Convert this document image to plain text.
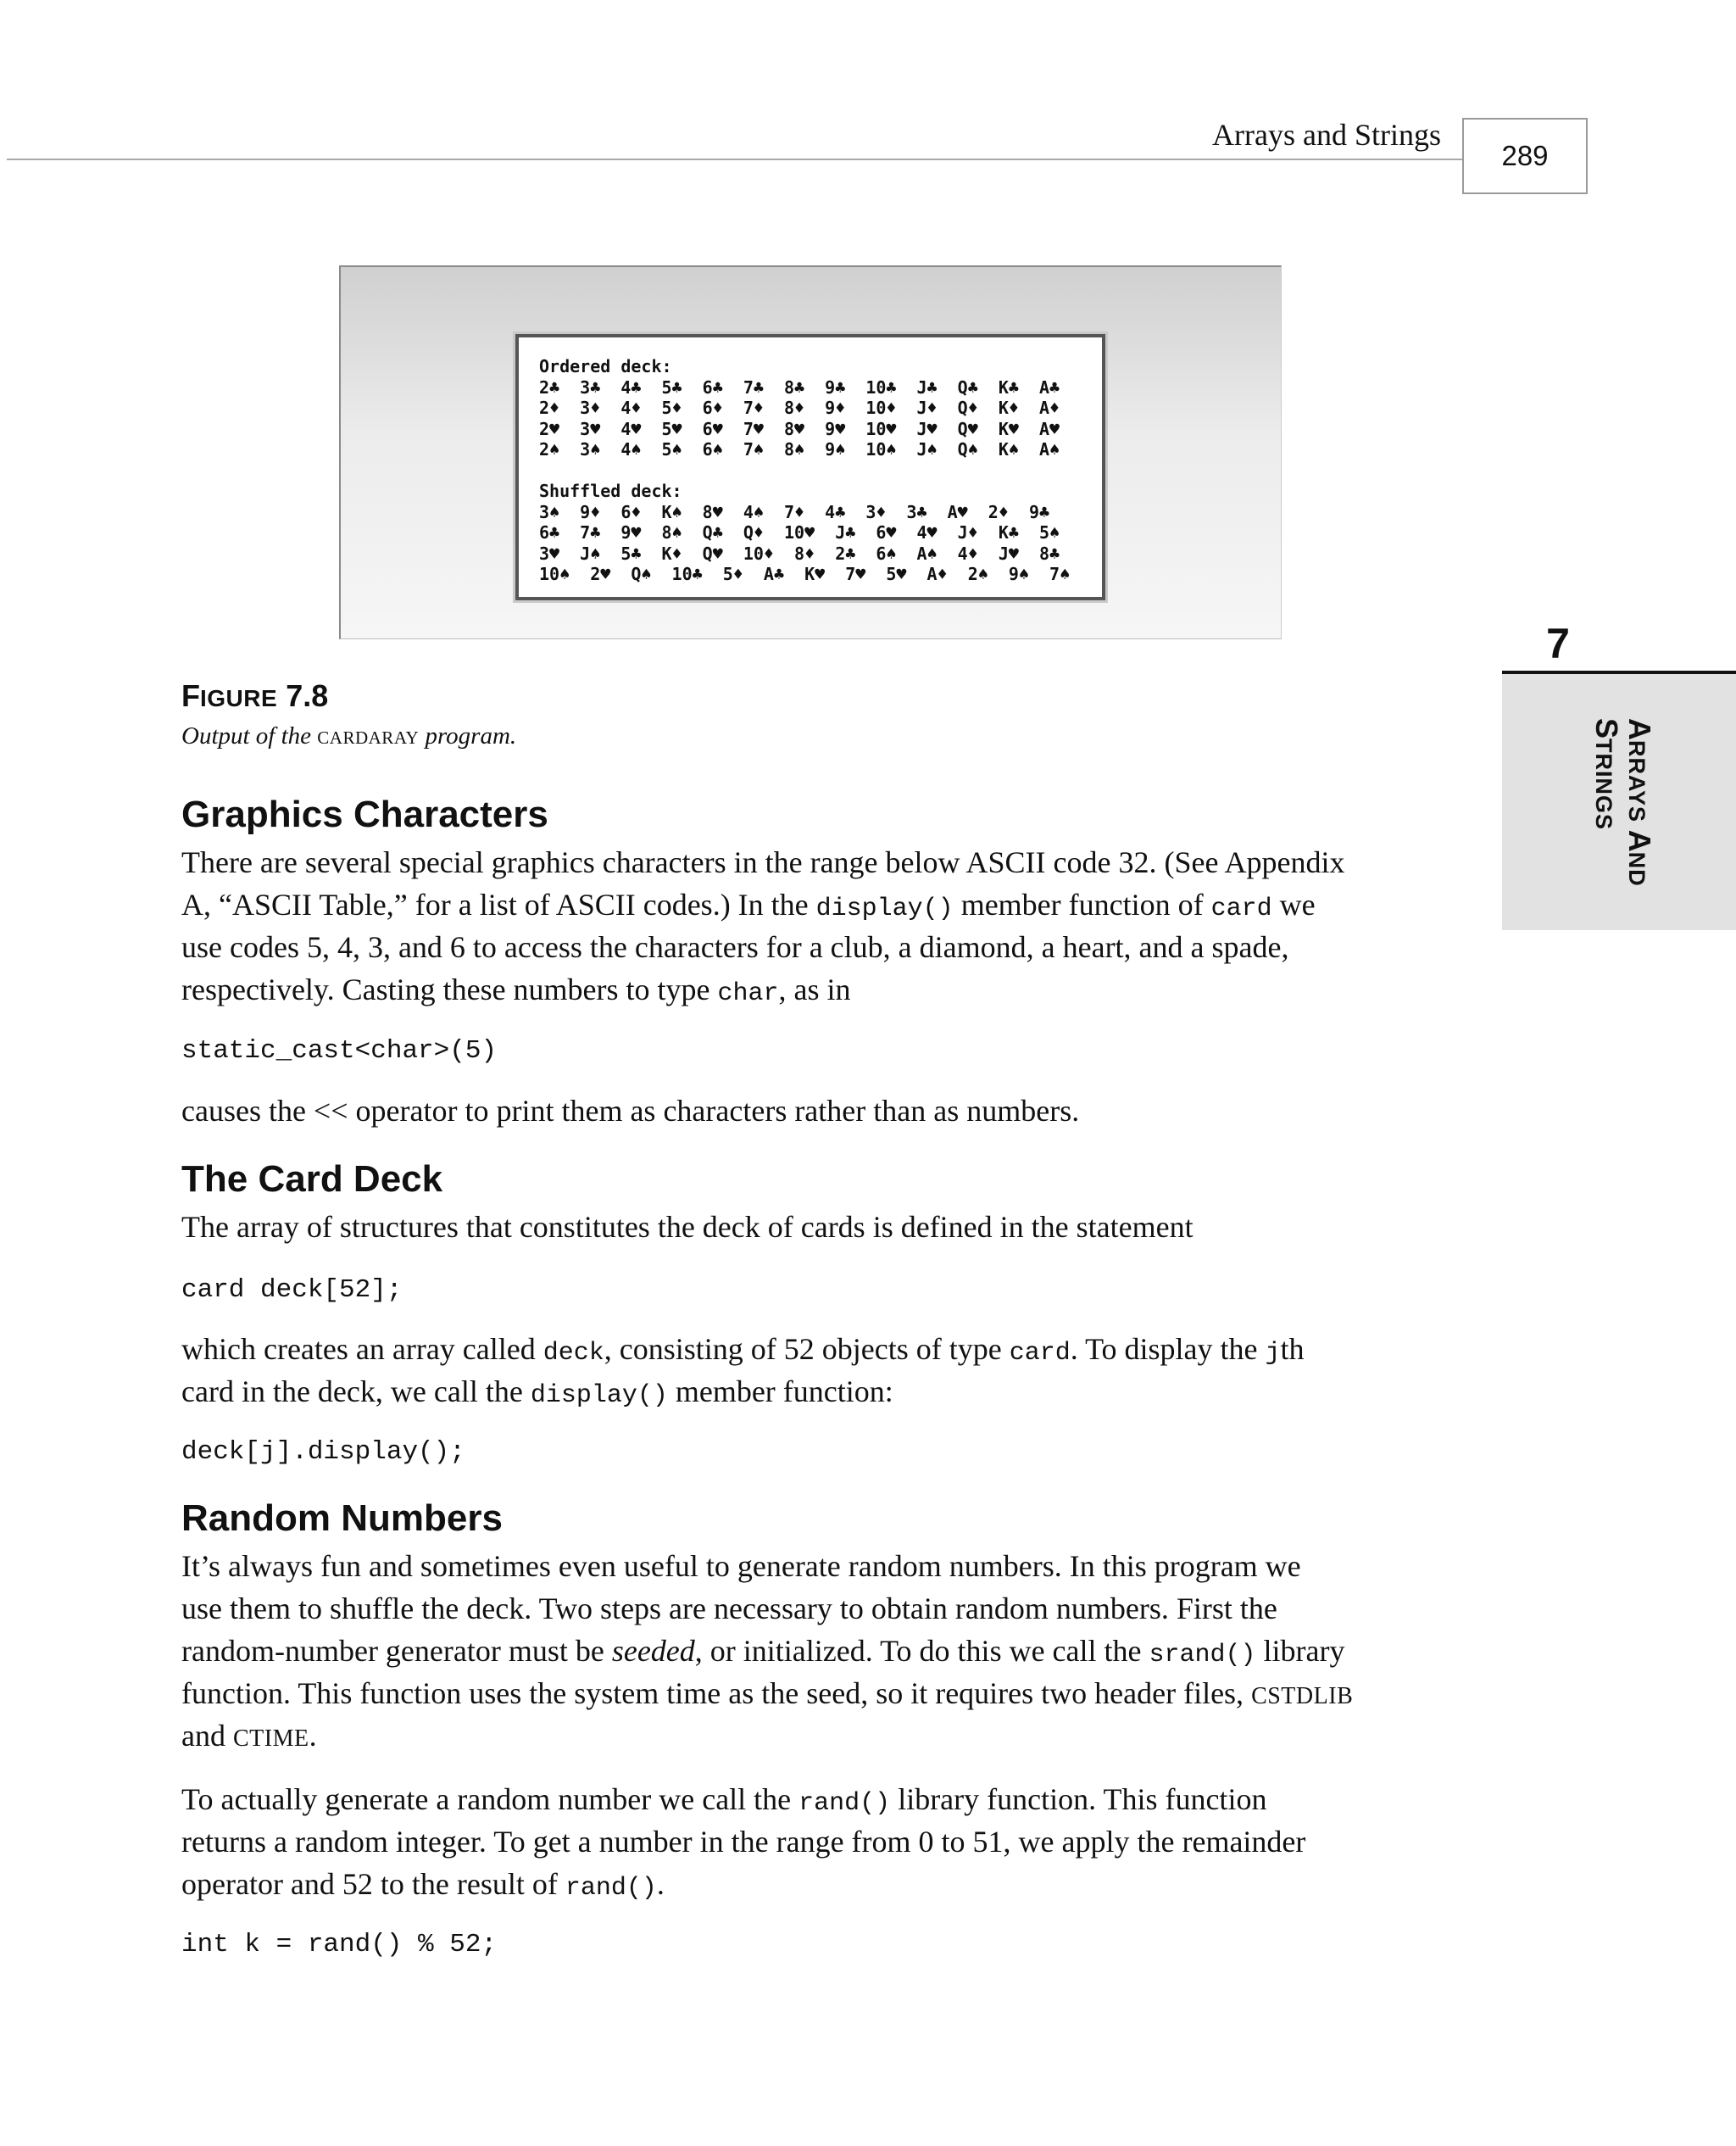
Arrays and Strings
289
7
ARRAYS AND
STRINGS
Ordered deck:
2♣  3♣  4♣  5♣  6♣  7♣  8♣  9♣  10♣  J♣  Q♣  K♣  A♣
2♦  3♦  4♦  5♦  6♦  7♦  8♦  9♦  10♦  J♦  Q♦  K♦  A♦
2♥  3♥  4♥  5♥  6♥  7♥  8♥  9♥  10♥  J♥  Q♥  K♥  A♥
2♠  3♠  4♠  5♠  6♠  7♠  8♠  9♠  10♠  J♠  Q♠  K♠  A♠
Shuffled deck:
3♠  9♦  6♦  K♠  8♥  4♠  7♦  4♣  3♦  3♣  A♥  2♦  9♣
6♣  7♣  9♥  8♠  Q♣  Q♦  10♥  J♣  6♥  4♥  J♦  K♣  5♠
3♥  J♠  5♣  K♦  Q♥  10♦  8♦  2♣  6♠  A♠  4♦  J♥  8♣
10♠  2♥  Q♠  10♣  5♦  A♣  K♥  7♥  5♥  A♦  2♠  9♠  7♠
FIGURE 7.8
Output of the CARDARAY program.
Graphics Characters
There are several special graphics characters in the range below ASCII code 32. (See Appendix
A, “ASCII Table,” for a list of ASCII codes.) In the display() member function of card we
use codes 5, 4, 3, and 6 to access the characters for a club, a diamond, a heart, and a spade,
respectively. Casting these numbers to type char, as in
static_cast<char>(5)
causes the << operator to print them as characters rather than as numbers.
The Card Deck
The array of structures that constitutes the deck of cards is defined in the statement
card deck[52];
which creates an array called deck, consisting of 52 objects of type card. To display the jth
card in the deck, we call the display() member function:
deck[j].display();
Random Numbers
It’s always fun and sometimes even useful to generate random numbers. In this program we
use them to shuffle the deck. Two steps are necessary to obtain random numbers. First the
random-number generator must be seeded, or initialized. To do this we call the srand() library
function. This function uses the system time as the seed, so it requires two header files, CSTDLIB
and CTIME.
To actually generate a random number we call the rand() library function. This function
returns a random integer. To get a number in the range from 0 to 51, we apply the remainder
operator and 52 to the result of rand().
int k = rand() % 52;
